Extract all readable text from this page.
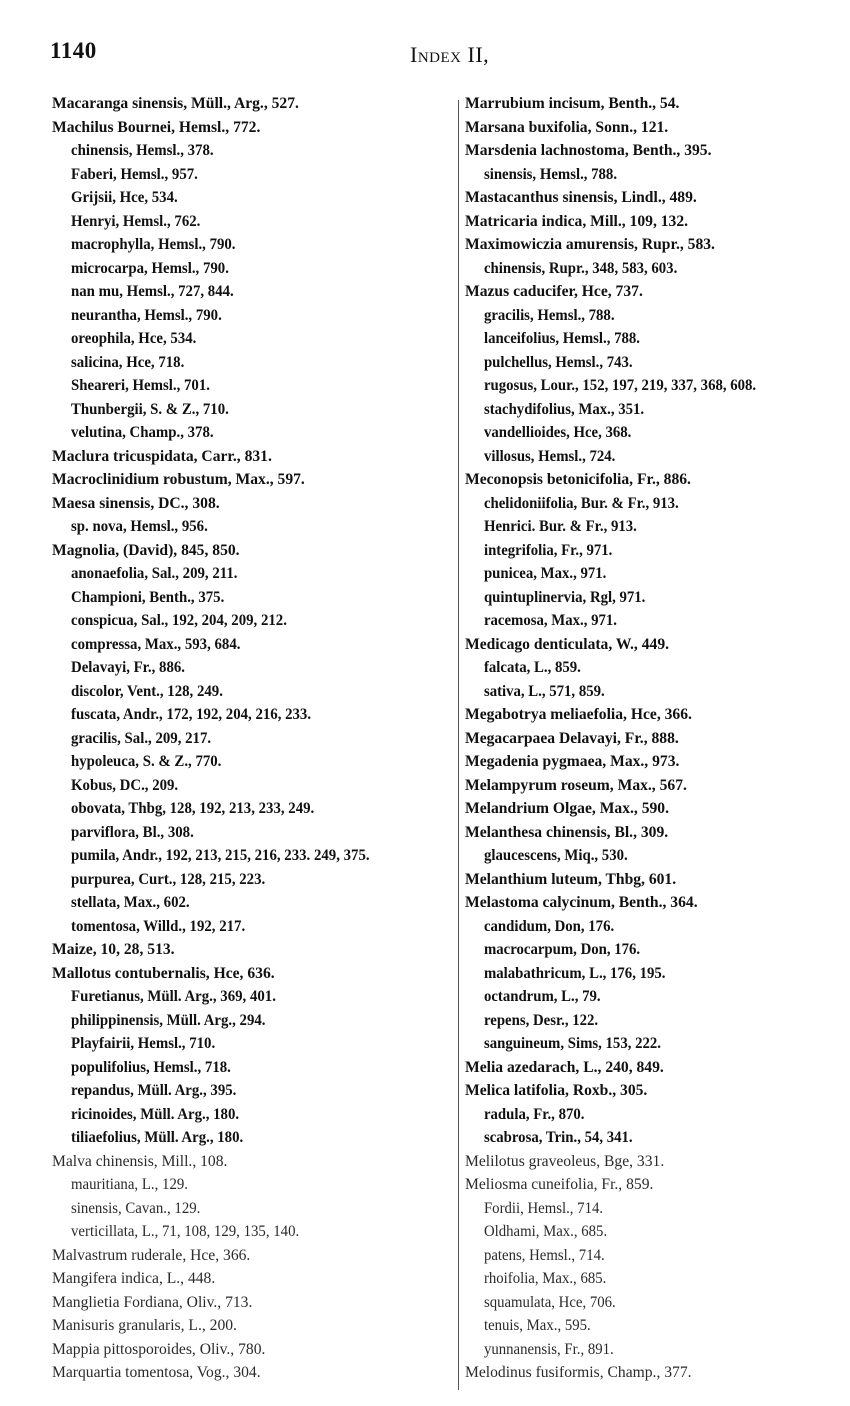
1140	Index II,
Macaranga sinensis, Müll., Arg., 527.
Machilus Bournei, Hemsl., 772.
chinensis, Hemsl., 378.
Faberi, Hemsl., 957.
Grijsii, Hce, 534.
Henryi, Hemsl., 762.
macrophylla, Hemsl., 790.
microcarpa, Hemsl., 790.
nan mu, Hemsl., 727, 844.
neurantha, Hemsl., 790.
oreophila, Hce, 534.
salicina, Hce, 718.
Sheareri, Hemsl., 701.
Thunbergii, S. & Z., 710.
velutina, Champ., 378.
Maclura tricuspidata, Carr., 831.
Macroclinidium robustum, Max., 597.
Maesa sinensis, DC., 308.
sp. nova, Hemsl., 956.
Magnolia, (David), 845, 850.
anonaefolia, Sal., 209, 211.
Championi, Benth., 375.
conspicua, Sal., 192, 204, 209, 212.
compressa, Max., 593, 684.
Delavayi, Fr., 886.
discolor, Vent., 128, 249.
fuscata, Andr., 172, 192, 204, 216, 233.
gracilis, Sal., 209, 217.
hypoleuca, S. & Z., 770.
Kobus, DC., 209.
obovata, Thbg, 128, 192, 213, 233, 249.
parviflora, Bl., 308.
pumila, Andr., 192, 213, 215, 216, 233. 249, 375.
purpurea, Curt., 128, 215, 223.
stellata, Max., 602.
tomentosa, Willd., 192, 217.
Maize, 10, 28, 513.
Mallotus contubernalis, Hce, 636.
Furetianus, Müll. Arg., 369, 401.
philippinensis, Müll. Arg., 294.
Playfairii, Hemsl., 710.
populifolius, Hemsl., 718.
repandus, Müll. Arg., 395.
ricinoides, Müll. Arg., 180.
tiliaefolius, Müll. Arg., 180.
Malva chinensis, Mill., 108.
mauritiana, L., 129.
sinensis, Cavan., 129.
verticillata, L., 71, 108, 129, 135, 140.
Malvastrum ruderale, Hce, 366.
Mangifera indica, L., 448.
Manglietia Fordiana, Oliv., 713.
Manisuris granularis, L., 200.
Mappia pittosporoides, Oliv., 780.
Marquartia tomentosa, Vog., 304.
Marrubium incisum, Benth., 54.
Marsana buxifolia, Sonn., 121.
Marsdenia lachnostoma, Benth., 395.
sinensis, Hemsl., 788.
Mastacanthus sinensis, Lindl., 489.
Matricaria indica, Mill., 109, 132.
Maximowiczia amurensis, Rupr., 583.
chinensis, Rupr., 348, 583, 603.
Mazus caducifer, Hce, 737.
gracilis, Hemsl., 788.
lanceifolius, Hemsl., 788.
pulchellus, Hemsl., 743.
rugosus, Lour., 152, 197, 219, 337, 368, 608.
stachydifolius, Max., 351.
vandellioides, Hce, 368.
villosus, Hemsl., 724.
Meconopsis betonicifolia, Fr., 886.
chelidoniifolia, Bur. & Fr., 913.
Henrici. Bur. & Fr., 913.
integrifolia, Fr., 971.
punicea, Max., 971.
quintuplinervia, Rgl, 971.
racemosa, Max., 971.
Medicago denticulata, W., 449.
falcata, L., 859.
sativa, L., 571, 859.
Megabotrya meliaefolia, Hce, 366.
Megacarpaea Delavayi, Fr., 888.
Megadenia pygmaea, Max., 973.
Melampyrum roseum, Max., 567.
Melandrium Olgae, Max., 590.
Melanthesa chinensis, Bl., 309.
glaucescens, Miq., 530.
Melanthium luteum, Thbg, 601.
Melastoma calycinum, Benth., 364.
candidum, Don, 176.
macrocarpum, Don, 176.
malabathricum, L., 176, 195.
octandrum, L., 79.
repens, Desr., 122.
sanguineum, Sims, 153, 222.
Melia azedarach, L., 240, 849.
Melica latifolia, Roxb., 305.
radula, Fr., 870.
scabrosa, Trin., 54, 341.
Melilotus graveoleus, Bge, 331.
Meliosma cuneifolia, Fr., 859.
Fordii, Hemsl., 714.
Oldhami, Max., 685.
patens, Hemsl., 714.
rhoifolia, Max., 685.
squamulata, Hce, 706.
tenuis, Max., 595.
yunnanensis, Fr., 891.
Melodinus fusiformis, Champ., 377.
